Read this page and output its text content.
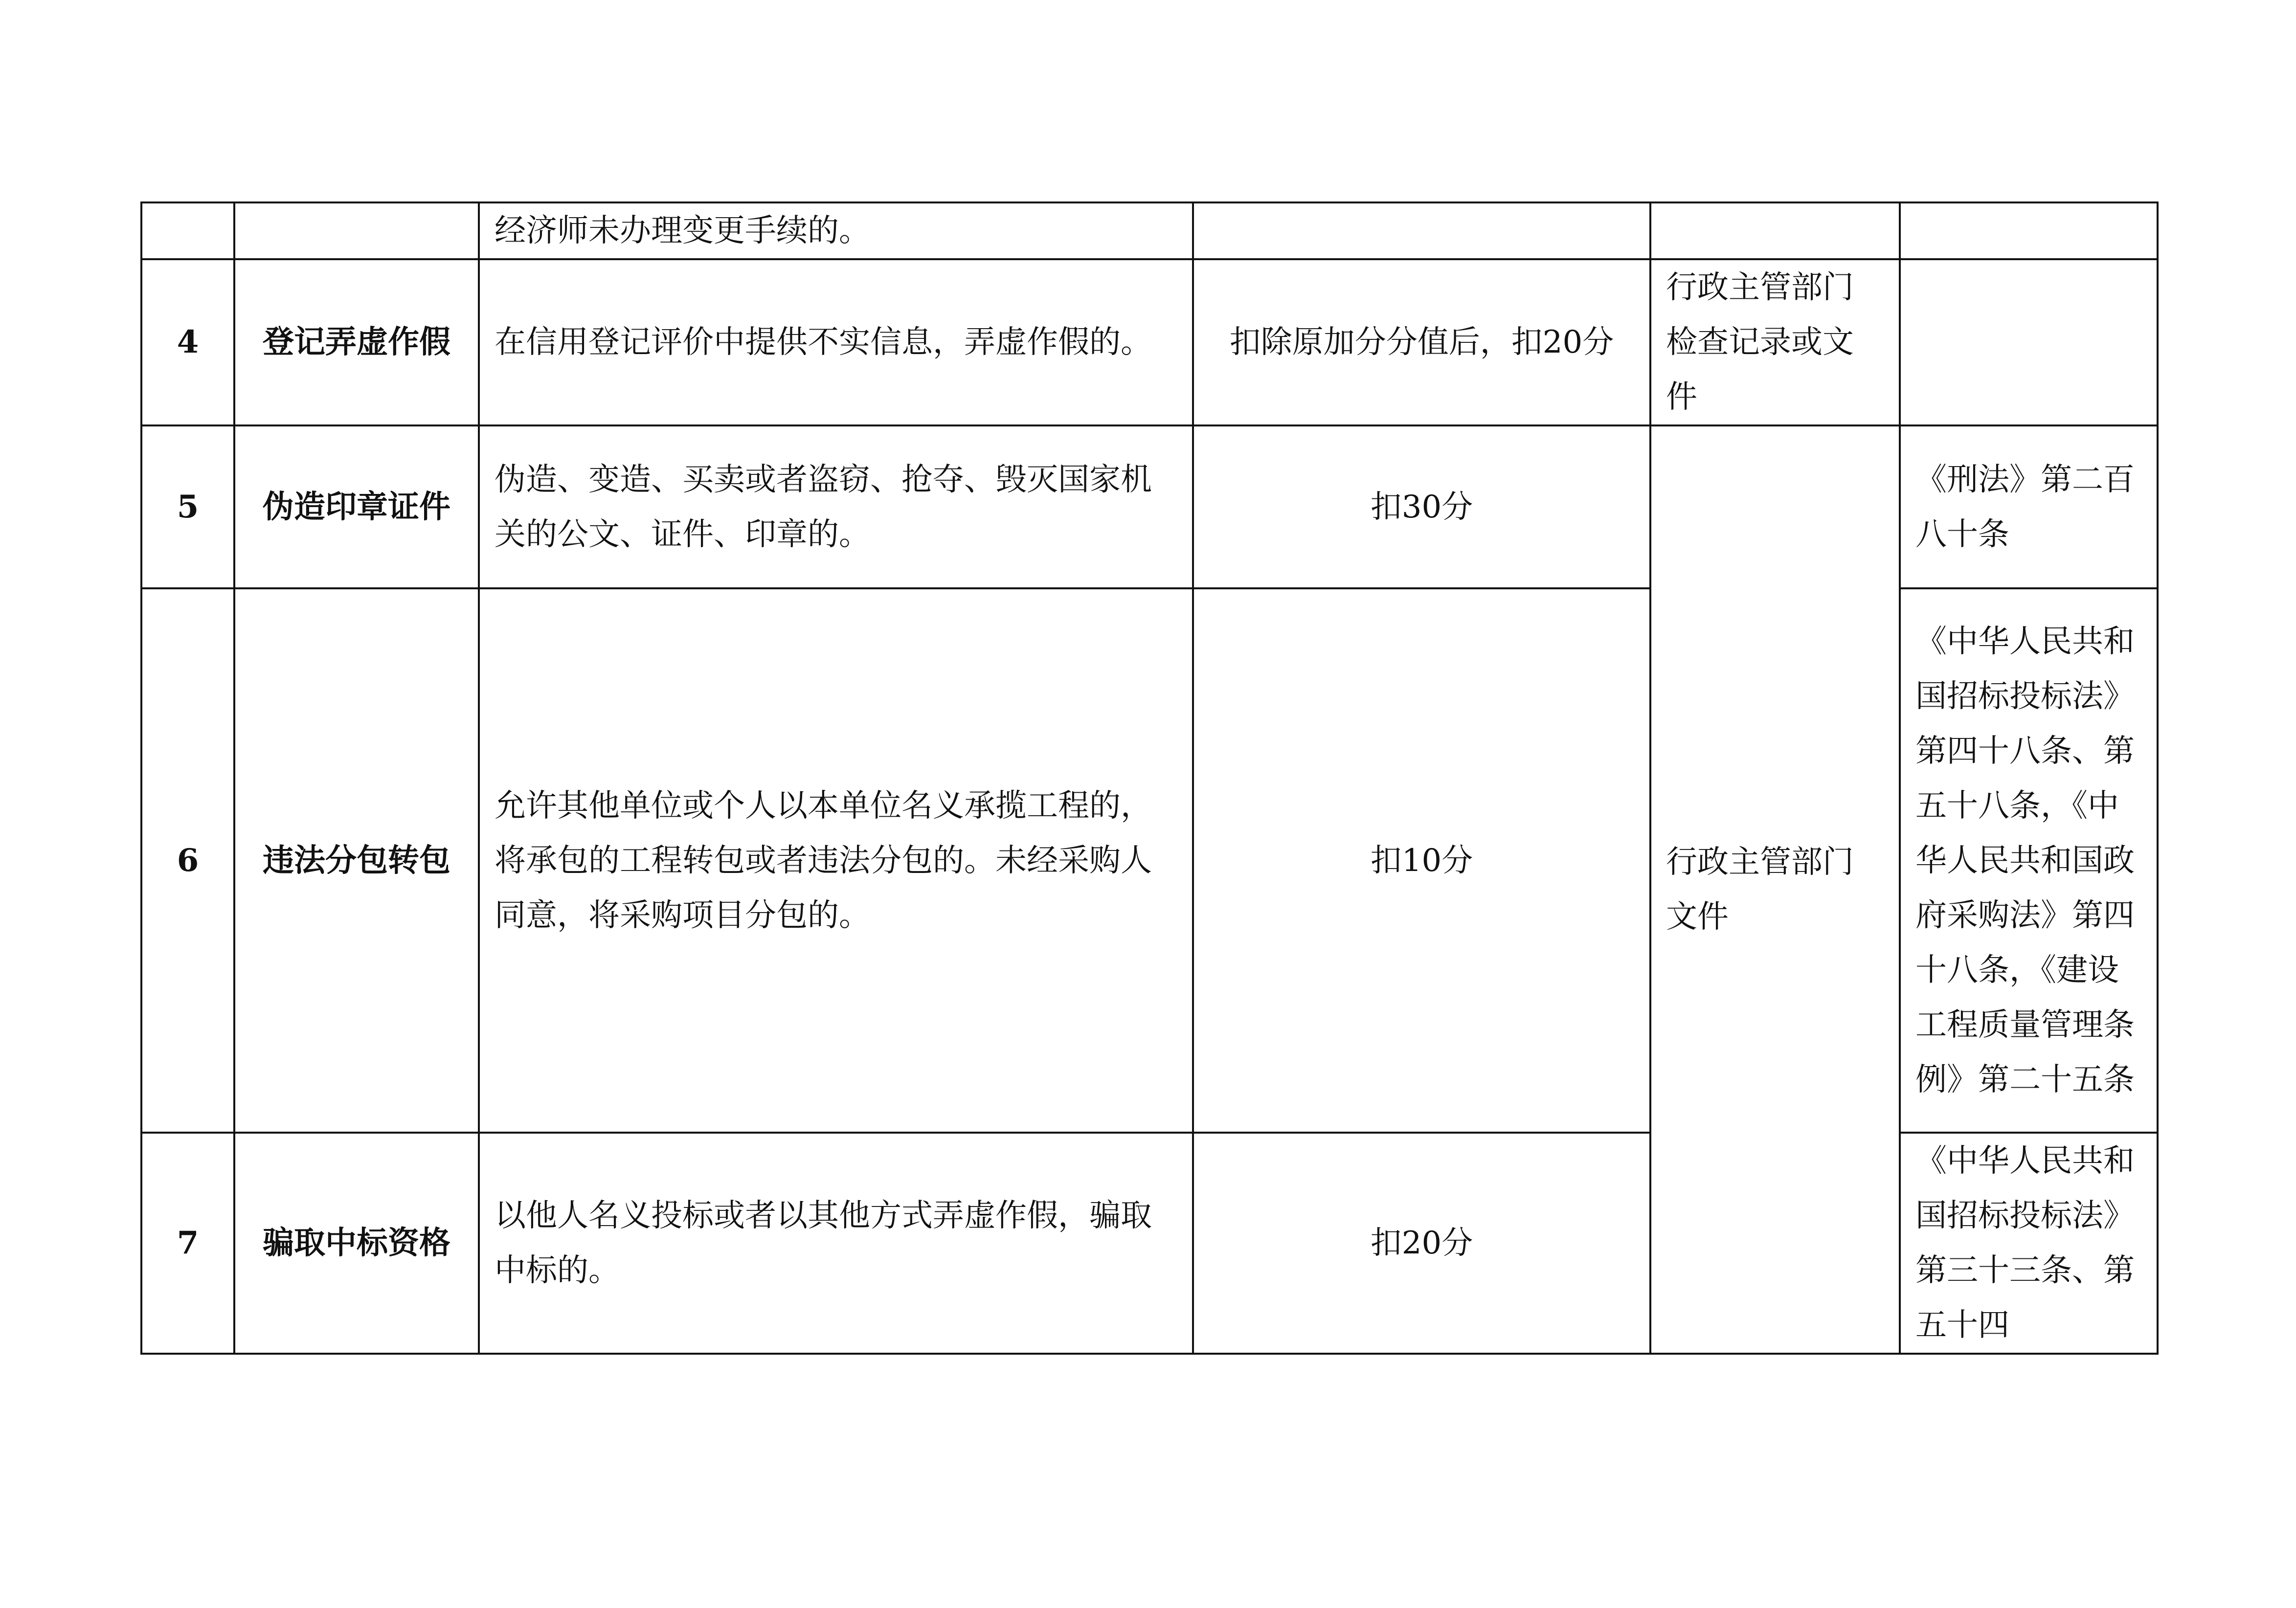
		经济师未办理变更手续的。			
4	登记弄虚作假	在信用登记评价中提供不实信息，弄虚作假的。	扣除原加分分值后，扣20分	行政主管部门检查记录或文件	
5	伪造印章证件	伪造、变造、买卖或者盗窃、抢夺、毁灭国家机关的公文、证件、印章的。	扣30分	行政主管部门文件	《刑法》第二百八十条
6	违法分包转包	允许其他单位或个人以本单位名义承揽工程的，将承包的工程转包或者违法分包的。未经采购人同意，将采购项目分包的。	扣10分		《中华人民共和国招标投标法》第四十八条、第五十八条，《中华人民共和国政府采购法》第四十八条，《建设工程质量管理条例》第二十五条
7	骗取中标资格	以他人名义投标或者以其他方式弄虚作假，骗取中标的。	扣20分		《中华人民共和国招标投标法》第三十三条、第五十四
